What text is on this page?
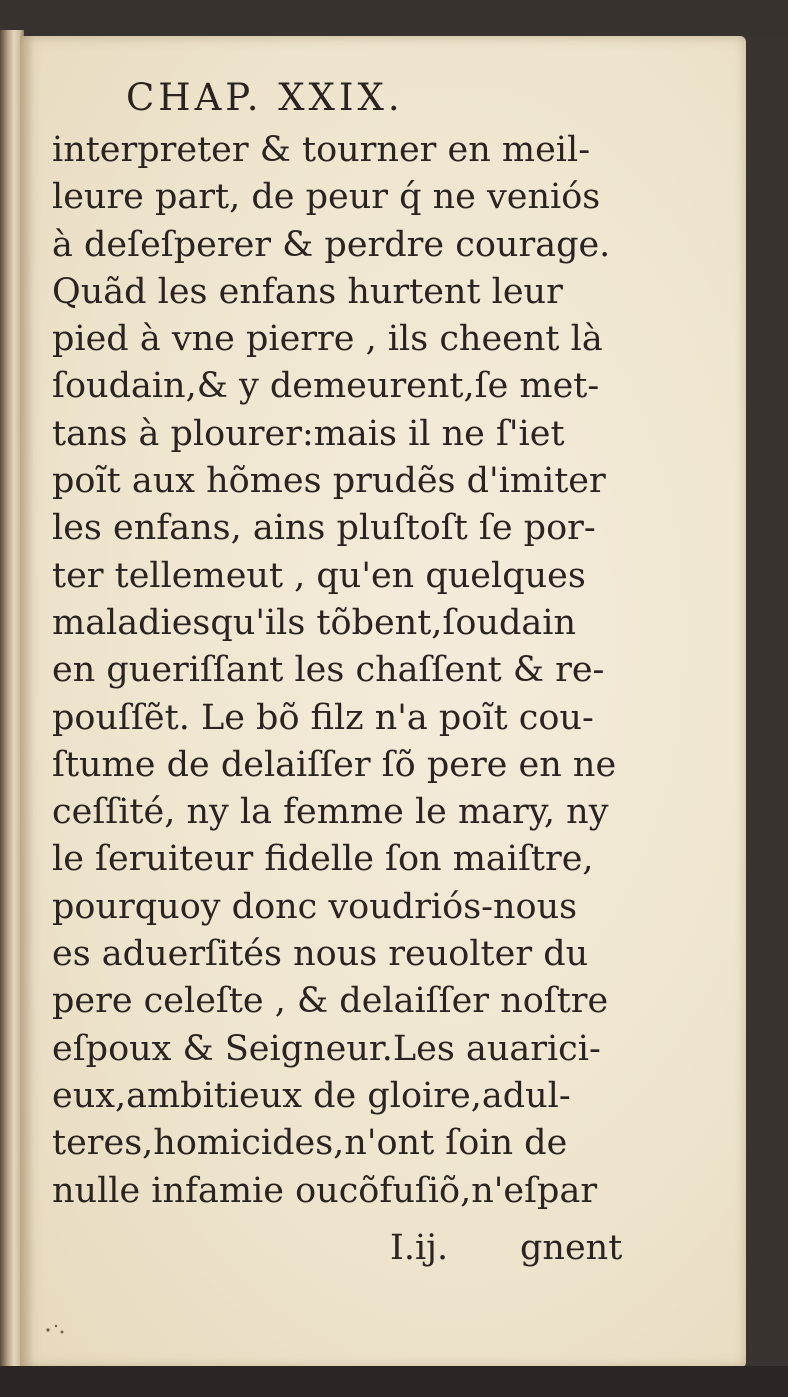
CHAP. XXIX.
interpreter & tourner en meil-
leure part, de peur q́ ne veniós
à deſeſperer & perdre courage.
Quãd les enfans hurtent leur
pied à vne pierre , ils cheent là
ſoudain,& y demeurent,ſe met-
tans à plourer:mais il ne ſ'iet
poĩt aux hõmes prudẽs d'imiter
les enfans, ains pluſtoſt ſe por-
ter tellemeut , qu'en quelques
maladiesqu'ils tõbent,ſoudain
en gueriſſant les chaſſent & re-
pouſſẽt. Le bõ filz n'a poĩt cou-
ſtume de delaiſſer ſõ pere en ne
ceſſité, ny la femme le mary, ny
le ſeruiteur fidelle ſon maiſtre,
pourquoy donc voudriós-nous
es aduerſités nous reuolter du
pere celeſte , & delaiſſer noſtre
eſpoux & Seigneur.Les auarici-
eux,ambitieux de gloire,adul-
teres,homicides,n'ont ſoin de
nulle infamie oucõfuſiõ,n'eſpar
I.ij. gnent
